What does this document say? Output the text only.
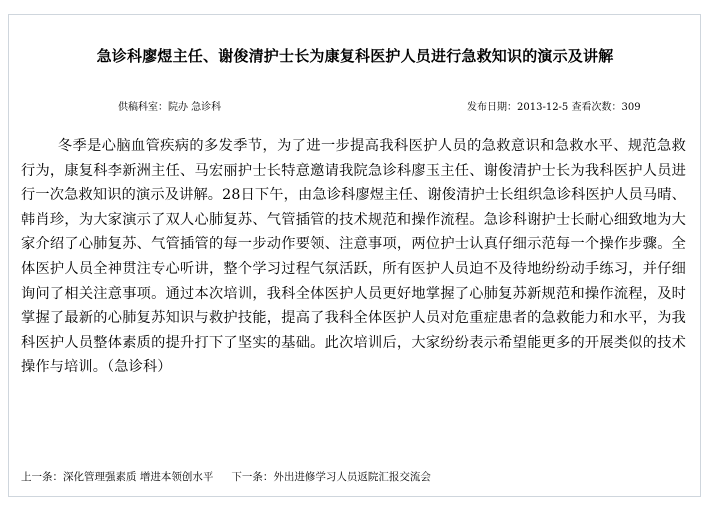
急诊科廖煜主任、谢俊清护士长为康复科医护人员进行急救知识的演示及讲解
供稿科室：院办 急诊科	发布日期：2013-12-5 查看次数：309

冬季是心脑血管疾病的多发季节，为了进一步提高我科医护人员的急救意识和急救水平、规范急救行为，康复科李新洲主任、马宏丽护士长特意邀请我院急诊科廖玉主任、谢俊清护士长为我科医护人员进行一次急救知识的演示及讲解。28日下午，由急诊科廖煜主任、谢俊清护士长组织急诊科医护人员马晴、韩肖珍，为大家演示了双人心肺复苏、气管插管的技术规范和操作流程。急诊科谢护士长耐心细致地为大家介绍了心肺复苏、气管插管的每一步动作要领、注意事项，两位护士认真仔细示范每一个操作步骤。全体医护人员全神贯注专心听讲，整个学习过程气氛活跃，所有医护人员迫不及待地纷纷动手练习，并仔细询问了相关注意事项。通过本次培训，我科全体医护人员更好地掌握了心肺复苏新规范和操作流程，及时掌握了最新的心肺复苏知识与救护技能，提高了我科全体医护人员对危重症患者的急救能力和水平，为我科医护人员整体素质的提升打下了坚实的基础。此次培训后，大家纷纷表示希望能更多的开展类似的技术操作与培训。（急诊科）

上一条：深化管理强素质 增进本领创水平 下一条：外出进修学习人员返院汇报交流会
